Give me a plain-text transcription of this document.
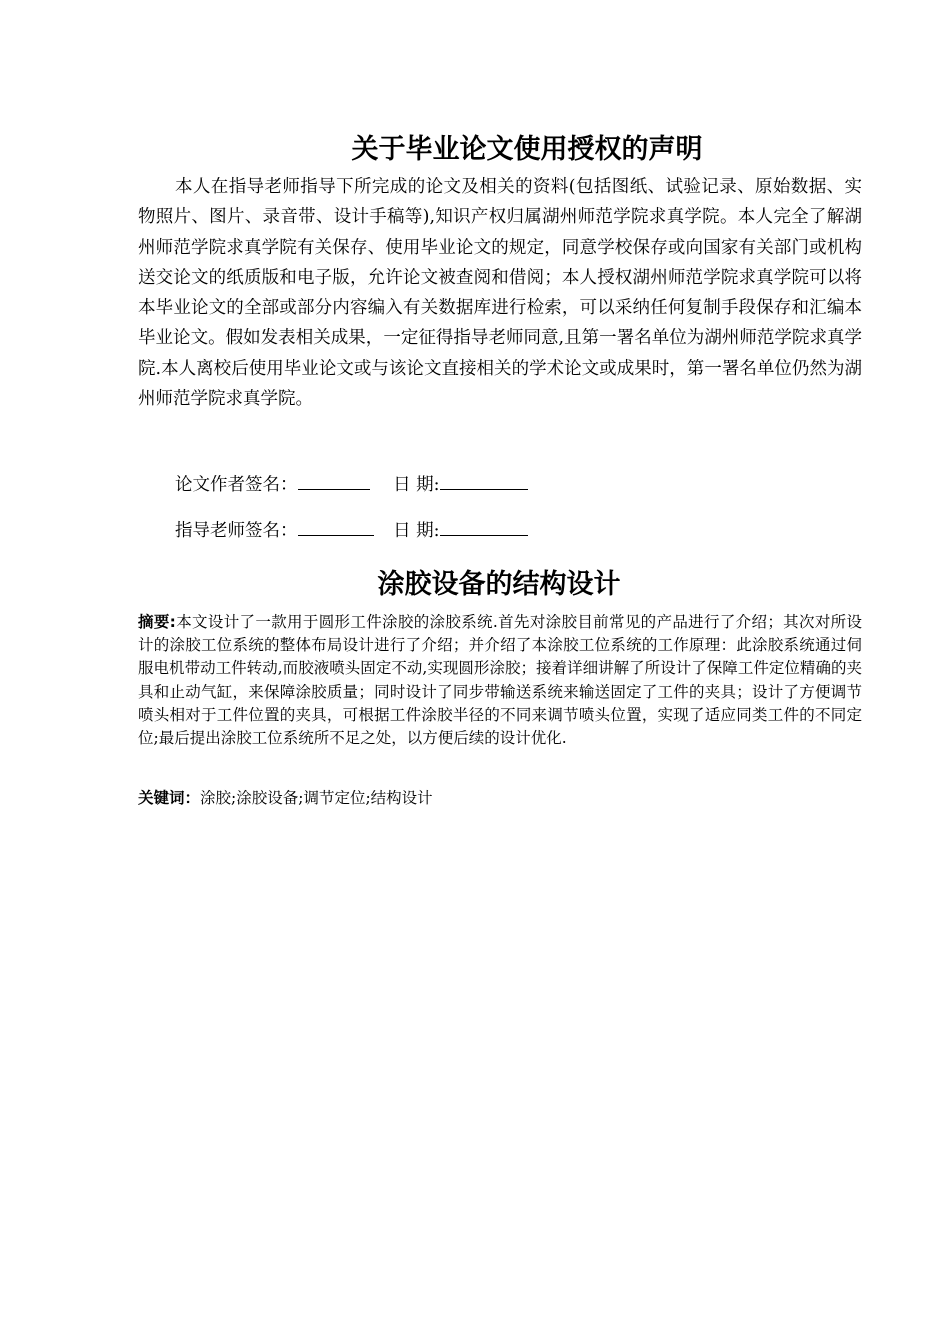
关于毕业论文使用授权的声明

本人在指导老师指导下所完成的论文及相关的资料(包括图纸、试验记录、原始数据、实物照片、图片、录音带、设计手稿等),知识产权归属湖州师范学院求真学院。本人完全了解湖州师范学院求真学院有关保存、使用毕业论文的规定，同意学校保存或向国家有关部门或机构送交论文的纸质版和电子版，允许论文被查阅和借阅；本人授权湖州师范学院求真学院可以将本毕业论文的全部或部分内容编入有关数据库进行检索，可以采纳任何复制手段保存和汇编本毕业论文。假如发表相关成果，一定征得指导老师同意,且第一署名单位为湖州师范学院求真学院.本人离校后使用毕业论文或与该论文直接相关的学术论文或成果时，第一署名单位仍然为湖州师范学院求真学院。

论文作者签名：	日 期:
指导老师签名：	日 期:
涂胶设备的结构设计

摘要:本文设计了一款用于圆形工件涂胶的涂胶系统.首先对涂胶目前常见的产品进行了介绍；其次对所设计的涂胶工位系统的整体布局设计进行了介绍；并介绍了本涂胶工位系统的工作原理：此涂胶系统通过伺服电机带动工件转动,而胶液喷头固定不动,实现圆形涂胶；接着详细讲解了所设计了保障工件定位精确的夹具和止动气缸，来保障涂胶质量；同时设计了同步带输送系统来输送固定了工件的夹具；设计了方便调节喷头相对于工件位置的夹具，可根据工件涂胶半径的不同来调节喷头位置，实现了适应同类工件的不同定位;最后提出涂胶工位系统所不足之处，以方便后续的设计优化.

关键词：涂胶;涂胶设备;调节定位;结构设计
